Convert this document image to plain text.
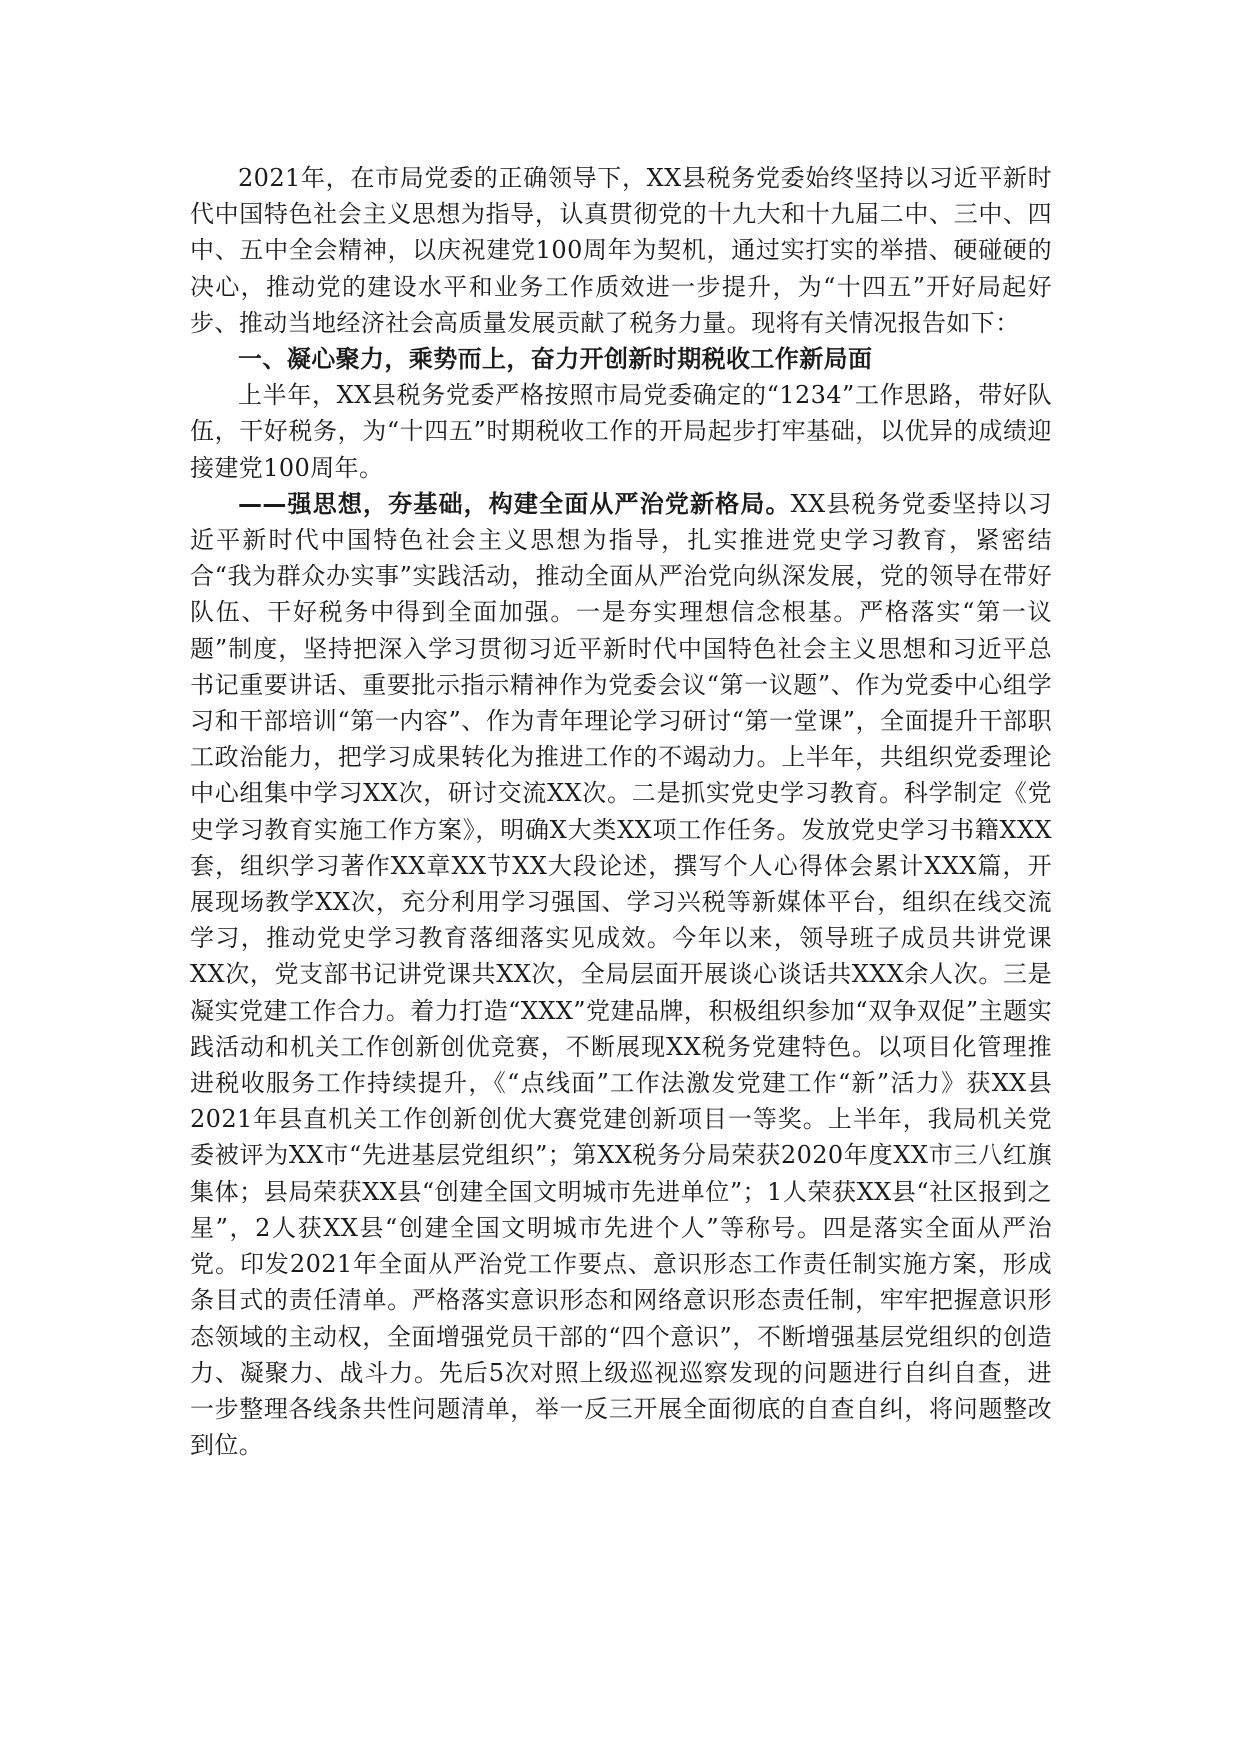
2021年，在市局党委的正确领导下，XX县税务党委始终坚持以习近平新时代中国特色社会主义思想为指导，认真贯彻党的十九大和十九届二中、三中、四中、五中全会精神，以庆祝建党100周年为契机，通过实打实的举措、硬碰硬的决心，推动党的建设水平和业务工作质效进一步提升，为“十四五”开好局起好步、推动当地经济社会高质量发展贡献了税务力量。现将有关情况报告如下：

一、凝心聚力，乘势而上，奋力开创新时期税收工作新局面

上半年，XX县税务党委严格按照市局党委确定的“1234”工作思路，带好队伍，干好税务，为“十四五”时期税收工作的开局起步打牢基础，以优异的成绩迎接建党100周年。

——强思想，夯基础，构建全面从严治党新格局。XX县税务党委坚持以习近平新时代中国特色社会主义思想为指导，扎实推进党史学习教育，紧密结合“我为群众办实事”实践活动，推动全面从严治党向纵深发展，党的领导在带好队伍、干好税务中得到全面加强。一是夯实理想信念根基。严格落实“第一议题”制度，坚持把深入学习贯彻习近平新时代中国特色社会主义思想和习近平总书记重要讲话、重要批示指示精神作为党委会议“第一议题”、作为党委中心组学习和干部培训“第一内容”、作为青年理论学习研讨“第一堂课”，全面提升干部职工政治能力，把学习成果转化为推进工作的不竭动力。上半年，共组织党委理论中心组集中学习XX次，研讨交流XX次。二是抓实党史学习教育。科学制定《党史学习教育实施工作方案》，明确X大类XX项工作任务。发放党史学习书籍XXX套，组织学习著作XX章XX节XX大段论述，撰写个人心得体会累计XXX篇，开展现场教学XX次，充分利用学习强国、学习兴税等新媒体平台，组织在线交流学习，推动党史学习教育落细落实见成效。今年以来，领导班子成员共讲党课XX次，党支部书记讲党课共XX次，全局层面开展谈心谈话共XXX余人次。三是凝实党建工作合力。着力打造“XXX”党建品牌，积极组织参加“双争双促”主题实践活动和机关工作创新创优竞赛，不断展现XX税务党建特色。以项目化管理推进税收服务工作持续提升，《“点线面”工作法激发党建工作“新”活力》获XX县2021年县直机关工作创新创优大赛党建创新项目一等奖。上半年，我局机关党委被评为XX市“先进基层党组织”；第XX税务分局荣获2020年度XX市三八红旗集体；县局荣获XX县“创建全国文明城市先进单位”；1人荣获XX县“社区报到之星”，2人获XX县“创建全国文明城市先进个人”等称号。四是落实全面从严治党。印发2021年全面从严治党工作要点、意识形态工作责任制实施方案，形成条目式的责任清单。严格落实意识形态和网络意识形态责任制，牢牢把握意识形态领域的主动权，全面增强党员干部的“四个意识”，不断增强基层党组织的创造力、凝聚力、战斗力。先后5次对照上级巡视巡察发现的问题进行自纠自查，进一步整理各线条共性问题清单，举一反三开展全面彻底的自查自纠，将问题整改到位。
